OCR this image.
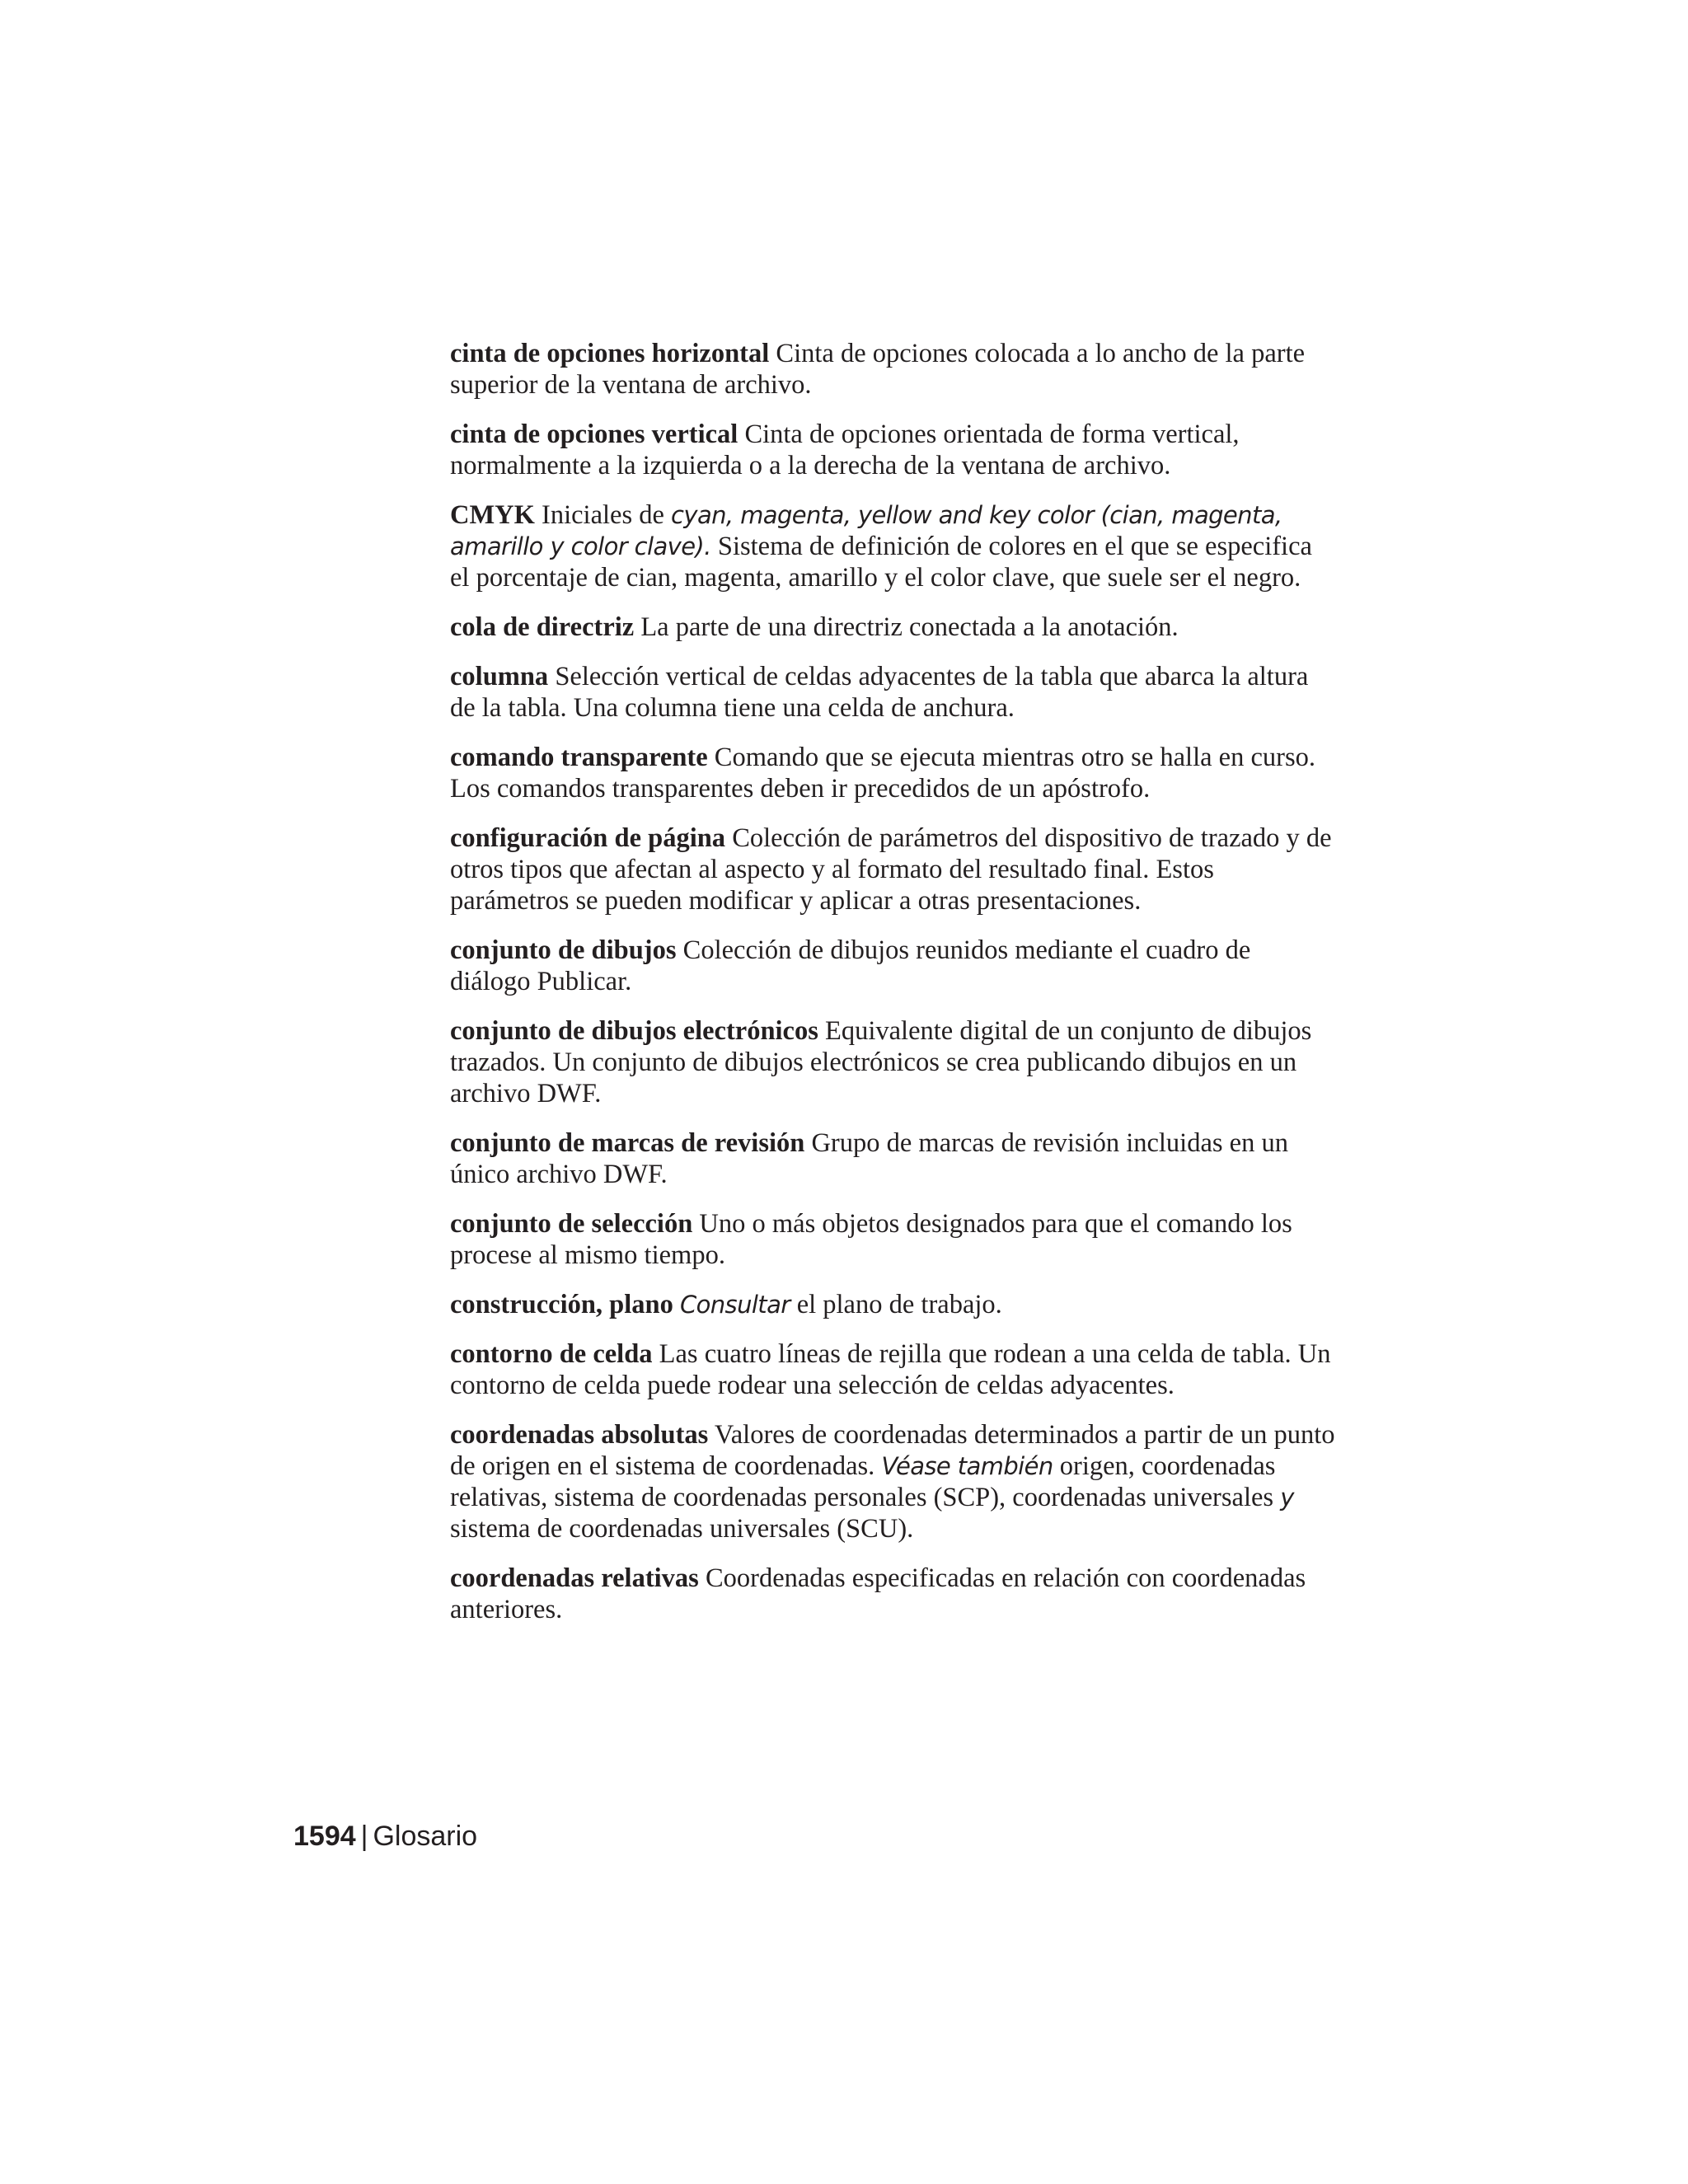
cinta de opciones horizontal Cinta de opciones colocada a lo ancho de la parte superior de la ventana de archivo.

cinta de opciones vertical Cinta de opciones orientada de forma vertical, normalmente a la izquierda o a la derecha de la ventana de archivo.

CMYK Iniciales de cyan, magenta, yellow and key color (cian, magenta, amarillo y color clave). Sistema de definición de colores en el que se especifica el porcentaje de cian, magenta, amarillo y el color clave, que suele ser el negro.

cola de directriz La parte de una directriz conectada a la anotación.

columna Selección vertical de celdas adyacentes de la tabla que abarca la altura de la tabla. Una columna tiene una celda de anchura.

comando transparente Comando que se ejecuta mientras otro se halla en curso. Los comandos transparentes deben ir precedidos de un apóstrofo.

configuración de página Colección de parámetros del dispositivo de trazado y de otros tipos que afectan al aspecto y al formato del resultado final. Estos parámetros se pueden modificar y aplicar a otras presentaciones.

conjunto de dibujos Colección de dibujos reunidos mediante el cuadro de diálogo Publicar.

conjunto de dibujos electrónicos Equivalente digital de un conjunto de dibujos trazados. Un conjunto de dibujos electrónicos se crea publicando dibujos en un archivo DWF.

conjunto de marcas de revisión Grupo de marcas de revisión incluidas en un único archivo DWF.

conjunto de selección Uno o más objetos designados para que el comando los procese al mismo tiempo.

construcción, plano Consultar el plano de trabajo.

contorno de celda Las cuatro líneas de rejilla que rodean a una celda de tabla. Un contorno de celda puede rodear una selección de celdas adyacentes.

coordenadas absolutas Valores de coordenadas determinados a partir de un punto de origen en el sistema de coordenadas. Véase también origen, coordenadas relativas, sistema de coordenadas personales (SCP), coordenadas universales y sistema de coordenadas universales (SCU).

coordenadas relativas Coordenadas especificadas en relación con coordenadas anteriores.

1594 | Glosario
